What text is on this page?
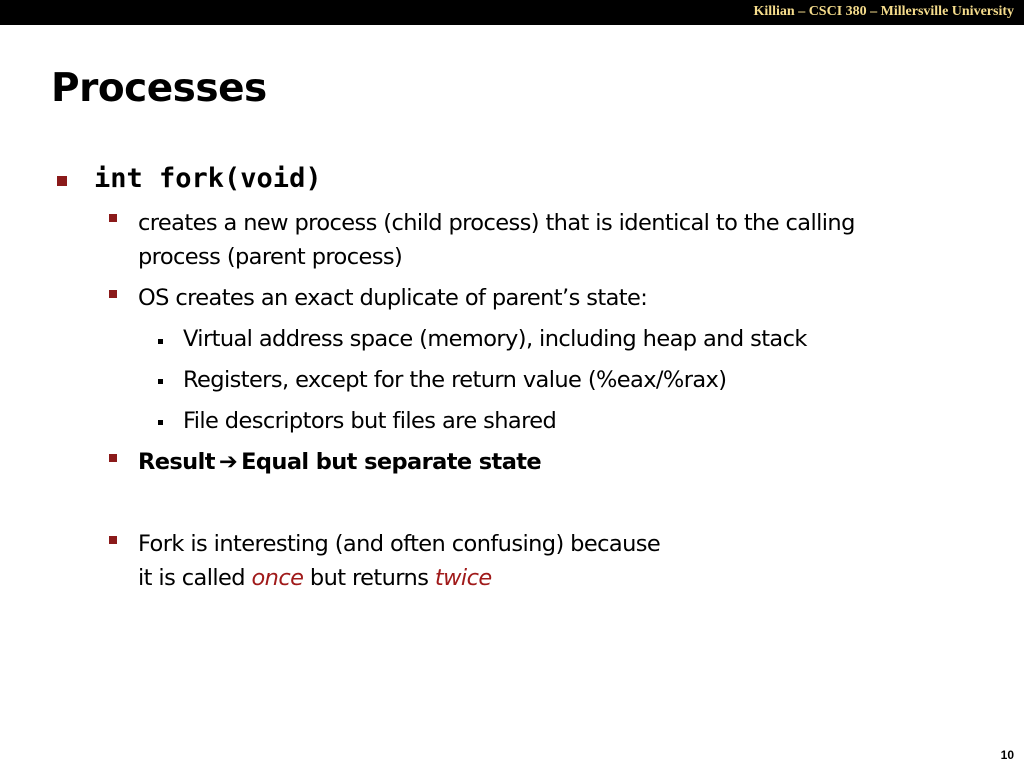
Killian – CSCI 380 – Millersville University
Processes
int fork(void)
creates a new process (child process) that is identical to the calling
process (parent process)
OS creates an exact duplicate of parent’s state:
Virtual address space (memory), including heap and stack
Registers, except for the return value (%eax/%rax)
File descriptors but files are shared
Result ➔ Equal but separate state
Fork is interesting (and often confusing) because
it is called once but returns twice
10
